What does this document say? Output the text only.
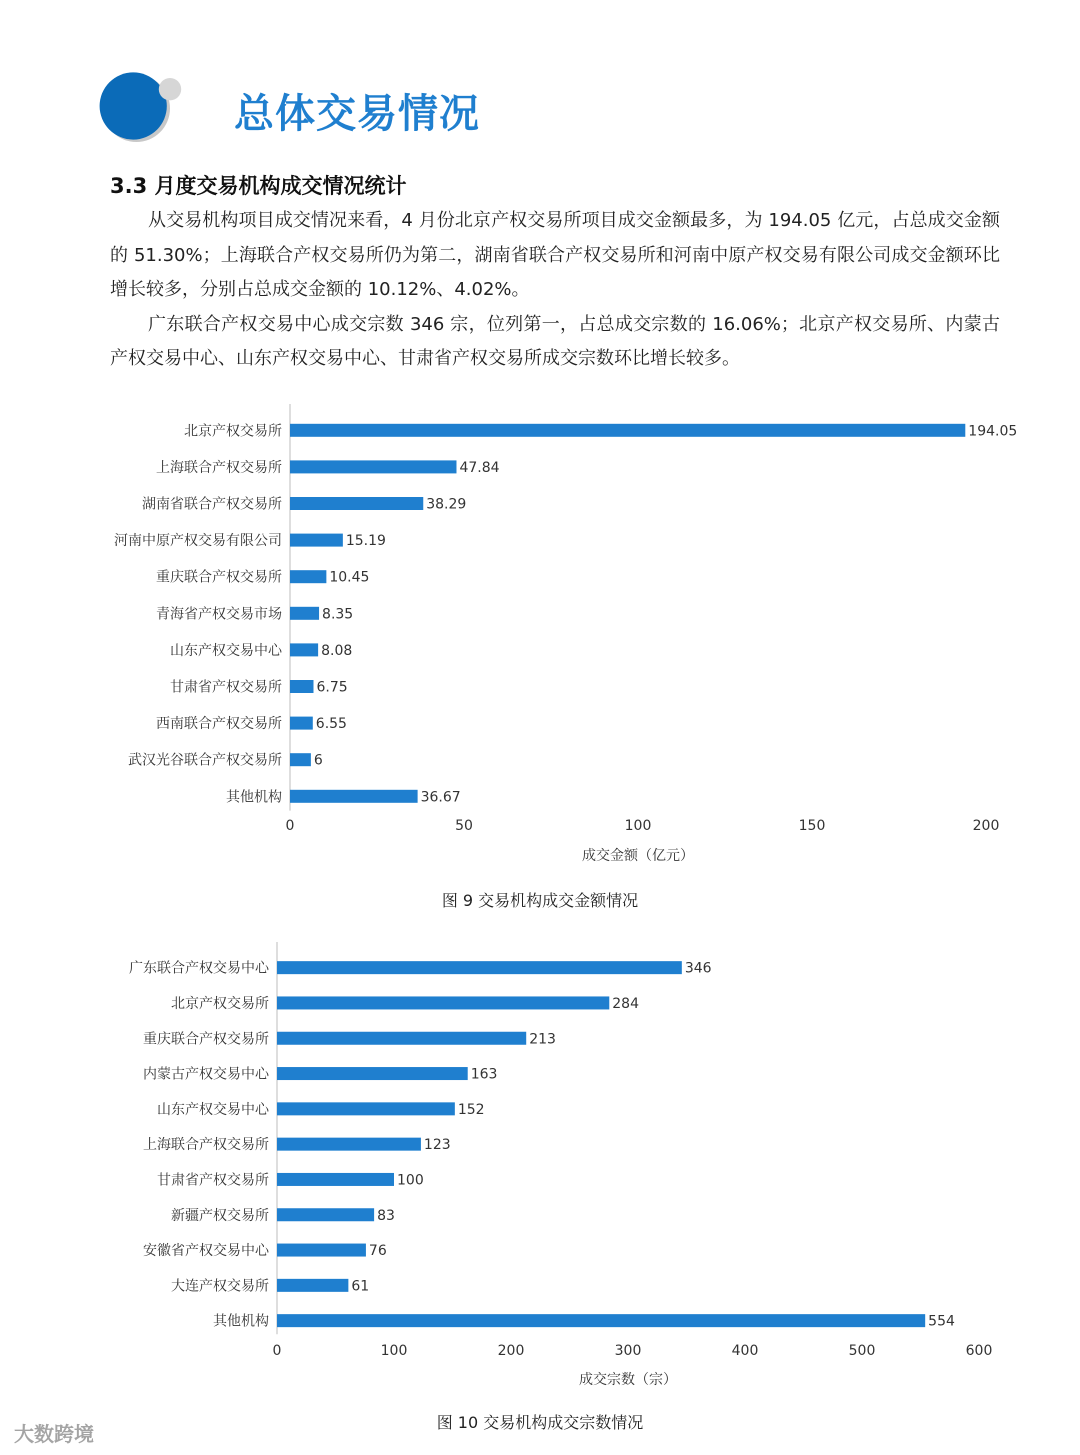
总体交易情况
3.3 月度交易机构成交情况统计

从交易机构项目成交情况来看，4 月份北京产权交易所项目成交金额最多，为 194.05 亿元，占总成交金额的 51.30%；上海联合产权交易所仍为第二，湖南省联合产权交易所和河南中原产权交易有限公司成交金额环比增长较多，分别占总成交金额的 10.12%、4.02%。

广东联合产权交易中心成交宗数 346 宗，位列第一，占总成交宗数的 16.06%；北京产权交易所、内蒙古产权交易中心、山东产权交易中心、甘肃省产权交易所成交宗数环比增长较多。

北京产权交易所	194.05
上海联合产权交易所	47.84
湖南省联合产权交易所	38.29
河南中原产权交易有限公司	15.19
重庆联合产权交易所	10.45
青海省产权交易市场	8.35
山东产权交易中心	8.08
甘肃省产权交易所 6.75
西南联合产权交易所 6.55
武汉光谷联合产权交易所 6
其他机构	36.67
0	50	100	150	200
成交金额（亿元）
图 9 交易机构成交金额情况
广东联合产权交易中心	346
北京产权交易所	284
重庆联合产权交易所	213
内蒙古产权交易中心	163
山东产权交易中心	152
上海联合产权交易所	123
甘肃省产权交易所	100
新疆产权交易所	83
安徽省产权交易中心	76
大连产权交易所	61
其他机构	554
0	100	200	300	400	500	600
成交宗数（宗）
图 10 交易机构成交宗数情况
大数跨境
